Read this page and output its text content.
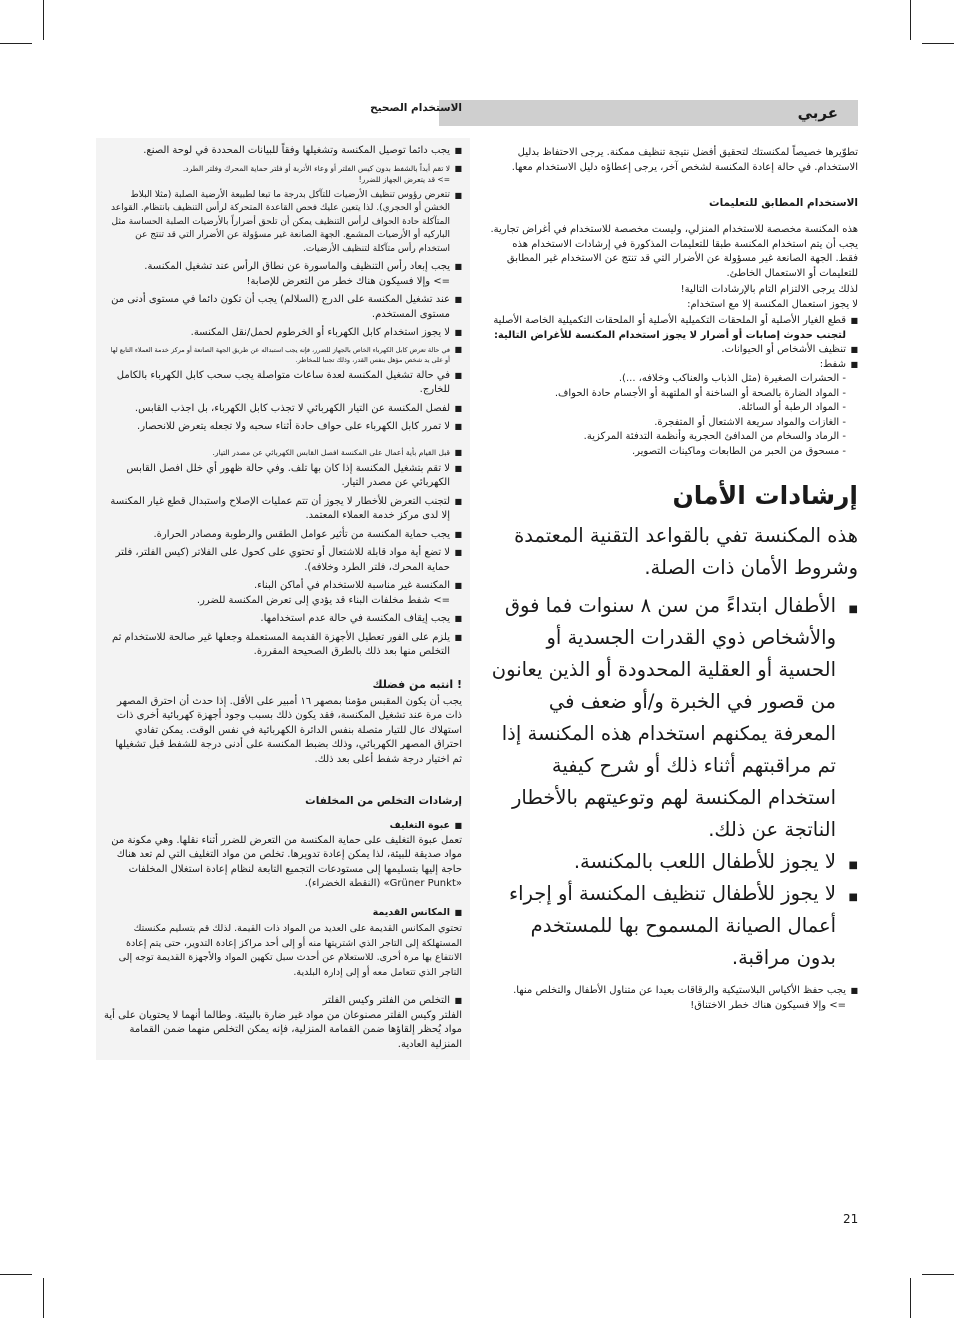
عربي

تطوّيرها خصيصاً لمكنستك لتحقيق أفضل نتيجة تنظيف ممكنة. يرجى الاحتفاظ بدليل الاستخدام. في حالة إعادة المكنسة لشخص آخر، يرجى إعطاؤه دليل الاستخدام معها.

الاستخدام المطابق للتعليمات

هذه المكنسة مخصصة للاستخدام المنزلي، وليست مخصصة للاستخدام في أغراض تجارية. يجب أن يتم استخدام المكنسة طبقا للتعليمات المذكورة في إرشادات الاستخدام هذه فقط. الجهة الصانعة غير مسؤولة عن الأضرار التي قد تنتج عن الاستخدام غير المطابق للتعليمات أو الاستعمال الخاطئ.

لذلك يرجى الالتزام التام بالإرشادات التالية!

لا يجوز استعمال المكنسة إلا مع استخدام:

■ قطع الغيار الأصلية أو الملحقات التكميلية الأصلية أو الملحقات التكميلية الخاصة الأصلية
لتجنب حدوث إصابات أو أضرار لا يجوز استخدام المكنسة للأغراض التالية:
■ تنظيف الأشخاص أو الحيوانات.
■ شفط:
- الحشرات الصغيرة (مثل الذباب والعناكب وخلافه، ...).
- المواد الضارة بالصحة أو الساخنة أو الملتهبة أو الأجسام حادة الحواف.
- المواد الرطبة أو السائلة.
- الغازات والمواد سريعة الاشتعال أو المتفجرة.
- الرماد والسخام من المدافئ الحجرية وأنظمة التدفئة المركزية.
- مسحوق من الحبر من الطابعات وماكينات التصوير.
إرشادات الأمان

هذه المكنسة تفي بالقواعد التقنية المعتمدة وشروط الأمان ذات الصلة.

■ الأطفال ابتداءً من سن ٨ سنوات فما فوق والأشخاص ذوي القدرات الجسدية أو الحسية أو العقلية المحدودة أو الذين يعانون من قصور في الخبرة و/أو ضعف في المعرفة يمكنهم استخدام هذه المكنسة إذا تم مراقبتهم أثناء ذلك أو شرح كيفية استخدام المكنسة لهم وتوعيتهم بالأخطار الناتجة عن ذلك.
■ لا يجوز للأطفال اللعب بالمكنسة.
■ لا يجوز للأطفال تنظيف المكنسة أو إجراء أعمال الصيانة المسموح بها للمستخدم بدون مراقبة.
■ يجب حفظ الأكياس البلاستيكية والرقاقات بعيدا عن متناول الأطفال والتخلص منها.
=> وإلا فسيكون هناك خطر الاختناق!
الاستخدام الصحيح
■ يجب دائما توصيل المكنسة وتشغيلها وفقاً للبيانات المحددة في لوحة الصنع.
■ لا تقم أبداً بالشفط بدون كيس الفلتر أو وعاء الأتربة أو فلتر حماية المحرك وفلتر الطرد.
=> قد يتعرض الجهاز للضرر!
■ تتعرض رؤوس تنظيف الأرضيات للتآكل بدرجة ما تبعا لطبيعة الأرضية الصلبة (مثلا البلاط الخشن أو الحجري). لذا يتعين عليك فحص القاعدة المتحركة لرأس التنظيف بانتظام. القواعد المتآكلة حادة الحواف لرأس التنظيف يمكن أن تلحق أضراراً بالأرضيات الصلبة الحساسة مثل الباركيه أو الأرضيات المشمع. الجهة الصانعة غير مسؤولة عن الأضرار التي قد تنتج عن استخدام رأس متآكلة لتنظيف الأرضيات.
■ يجب إبعاد رأس التنظيف والماسورة عن نطاق الرأس عند تشغيل المكنسة.
=> وإلا فسيكون هناك خطر من التعرض للإصابة!
■ عند تشغيل المكنسة على الدرج (السلالم) يجب أن تكون دائما في مستوى أدنى من مستوى المستخدم.
■ لا يجوز استخدام كابل الكهرباء أو الخرطوم لحمل/نقل المكنسة.
■ في حالة تعرض كابل الكهرباء الخاص بالجهاز للضرر، فإنه يجب استبداله عن طريق الجهة الصانعة أو مركز خدمة العملاء التابع لها أو على يد شخص مؤهل بنفس القدر، وذلك تجنبا للمخاطر.
■ في حالة تشغيل المكنسة لعدة ساعات متواصلة يجب سحب كابل الكهرباء بالكامل للخارج.
■ لفصل المكنسة عن التيار الكهربائي لا تجذب كابل الكهرباء، بل اجذب القابس.
■ لا تمرر كابل الكهرباء على حواف حادة أثناء سحبه ولا تجعله يتعرض للانحصار.
■ قبل القيام بأية أعمال على المكنسة افصل القابس الكهربائي عن مصدر التيار.
■ لا تقم بتشغيل المكنسة إذا كان بها تلف. وفي حالة ظهور أي خلل افصل القابس الكهربائي عن مصدر التيار.
■ لتجنب التعرض للأخطار لا يجوز أن تتم عمليات الإصلاح واستبدال قطع غيار المكنسة إلا لدى مركز خدمة العملاء المعتمد.
■ يجب حماية المكنسة من تأثير عوامل الطقس والرطوبة ومصادر الحرارة.
■ لا تضع أية مواد قابلة للاشتعال أو تحتوي على كحول على الفلاتر (كيس الفلتر، فلتر حماية المحرك، فلتر الطرد وخلافه).
■ المكنسة غير مناسبة للاستخدام في أماكن البناء.
=> شفط مخلفات البناء قد يؤدي إلى تعرض المكنسة للضرر.
■ يجب إيقاف المكنسة في حالة عدم استخدامها.
■ يلزم على الفور تعطيل الأجهزة القديمة المستعملة وجعلها غير صالحة للاستخدام ثم التخلص منها بعد ذلك بالطرق الصحيحة المقررة.
! انتبه من فضلك

يجب أن يكون المقبس مؤمنا بمصهر ١٦ أمبير على الأقل. إذا حدث أن احترق المصهر ذات مرة عند تشغيل المكنسة، فقد يكون ذلك بسبب وجود أجهزة كهربائية أخرى ذات استهلاك عال للتيار متصلة بنفس الدائرة الكهربائية في نفس الوقت. يمكن تفادي احتراق المصهر الكهربائي، وذلك بضبط المكنسة على أدنى درجة للشفط قبل تشغيلها ثم اختيار درجة شفط أعلى بعد ذلك.

إرشادات التخلص من المخلفات
■ عبوة التغليف
تعمل عبوة التغليف على حماية المكنسة من التعرض للضرر أثناء نقلها. وهي مكونة من مواد صديقة للبيئة، لذا يمكن إعادة تدويرها. تخلص من مواد التغليف التي لم تعد هناك حاجة إليها بتسليمها إلى مستودعات التجميع التابعة لنظام إعادة استغلال المخلفات «Grüner Punkt» (النقطة الخضراء).
■ المكانس القديمة
تحتوي المكانس القديمة على العديد من المواد ذات القيمة. لذلك قم بتسليم مكنستك المستهلكة إلى التاجر الذي اشتريتها منه أو إلى أحد مراكز إعادة التدوير، حتى يتم إعادة الانتفاع بها مرة أخرى. للاستعلام عن أحدث سبل تكهين المواد والأجهزة القديمة توجه إلى التاجر الذي تتعامل معه أو إلى إدارة البلدية.
■ التخلص من الفلتر وكيس الفلتر
الفلتر وكيس الفلتر مصنوعان من مواد غير ضارة بالبيئة. وطالما أنهما لا يحتويان على أية مواد يُحظر إلقاؤها ضمن القمامة المنزلية، فإنه يمكن التخلص منهما ضمن القمامة المنزلية العادية.
21
